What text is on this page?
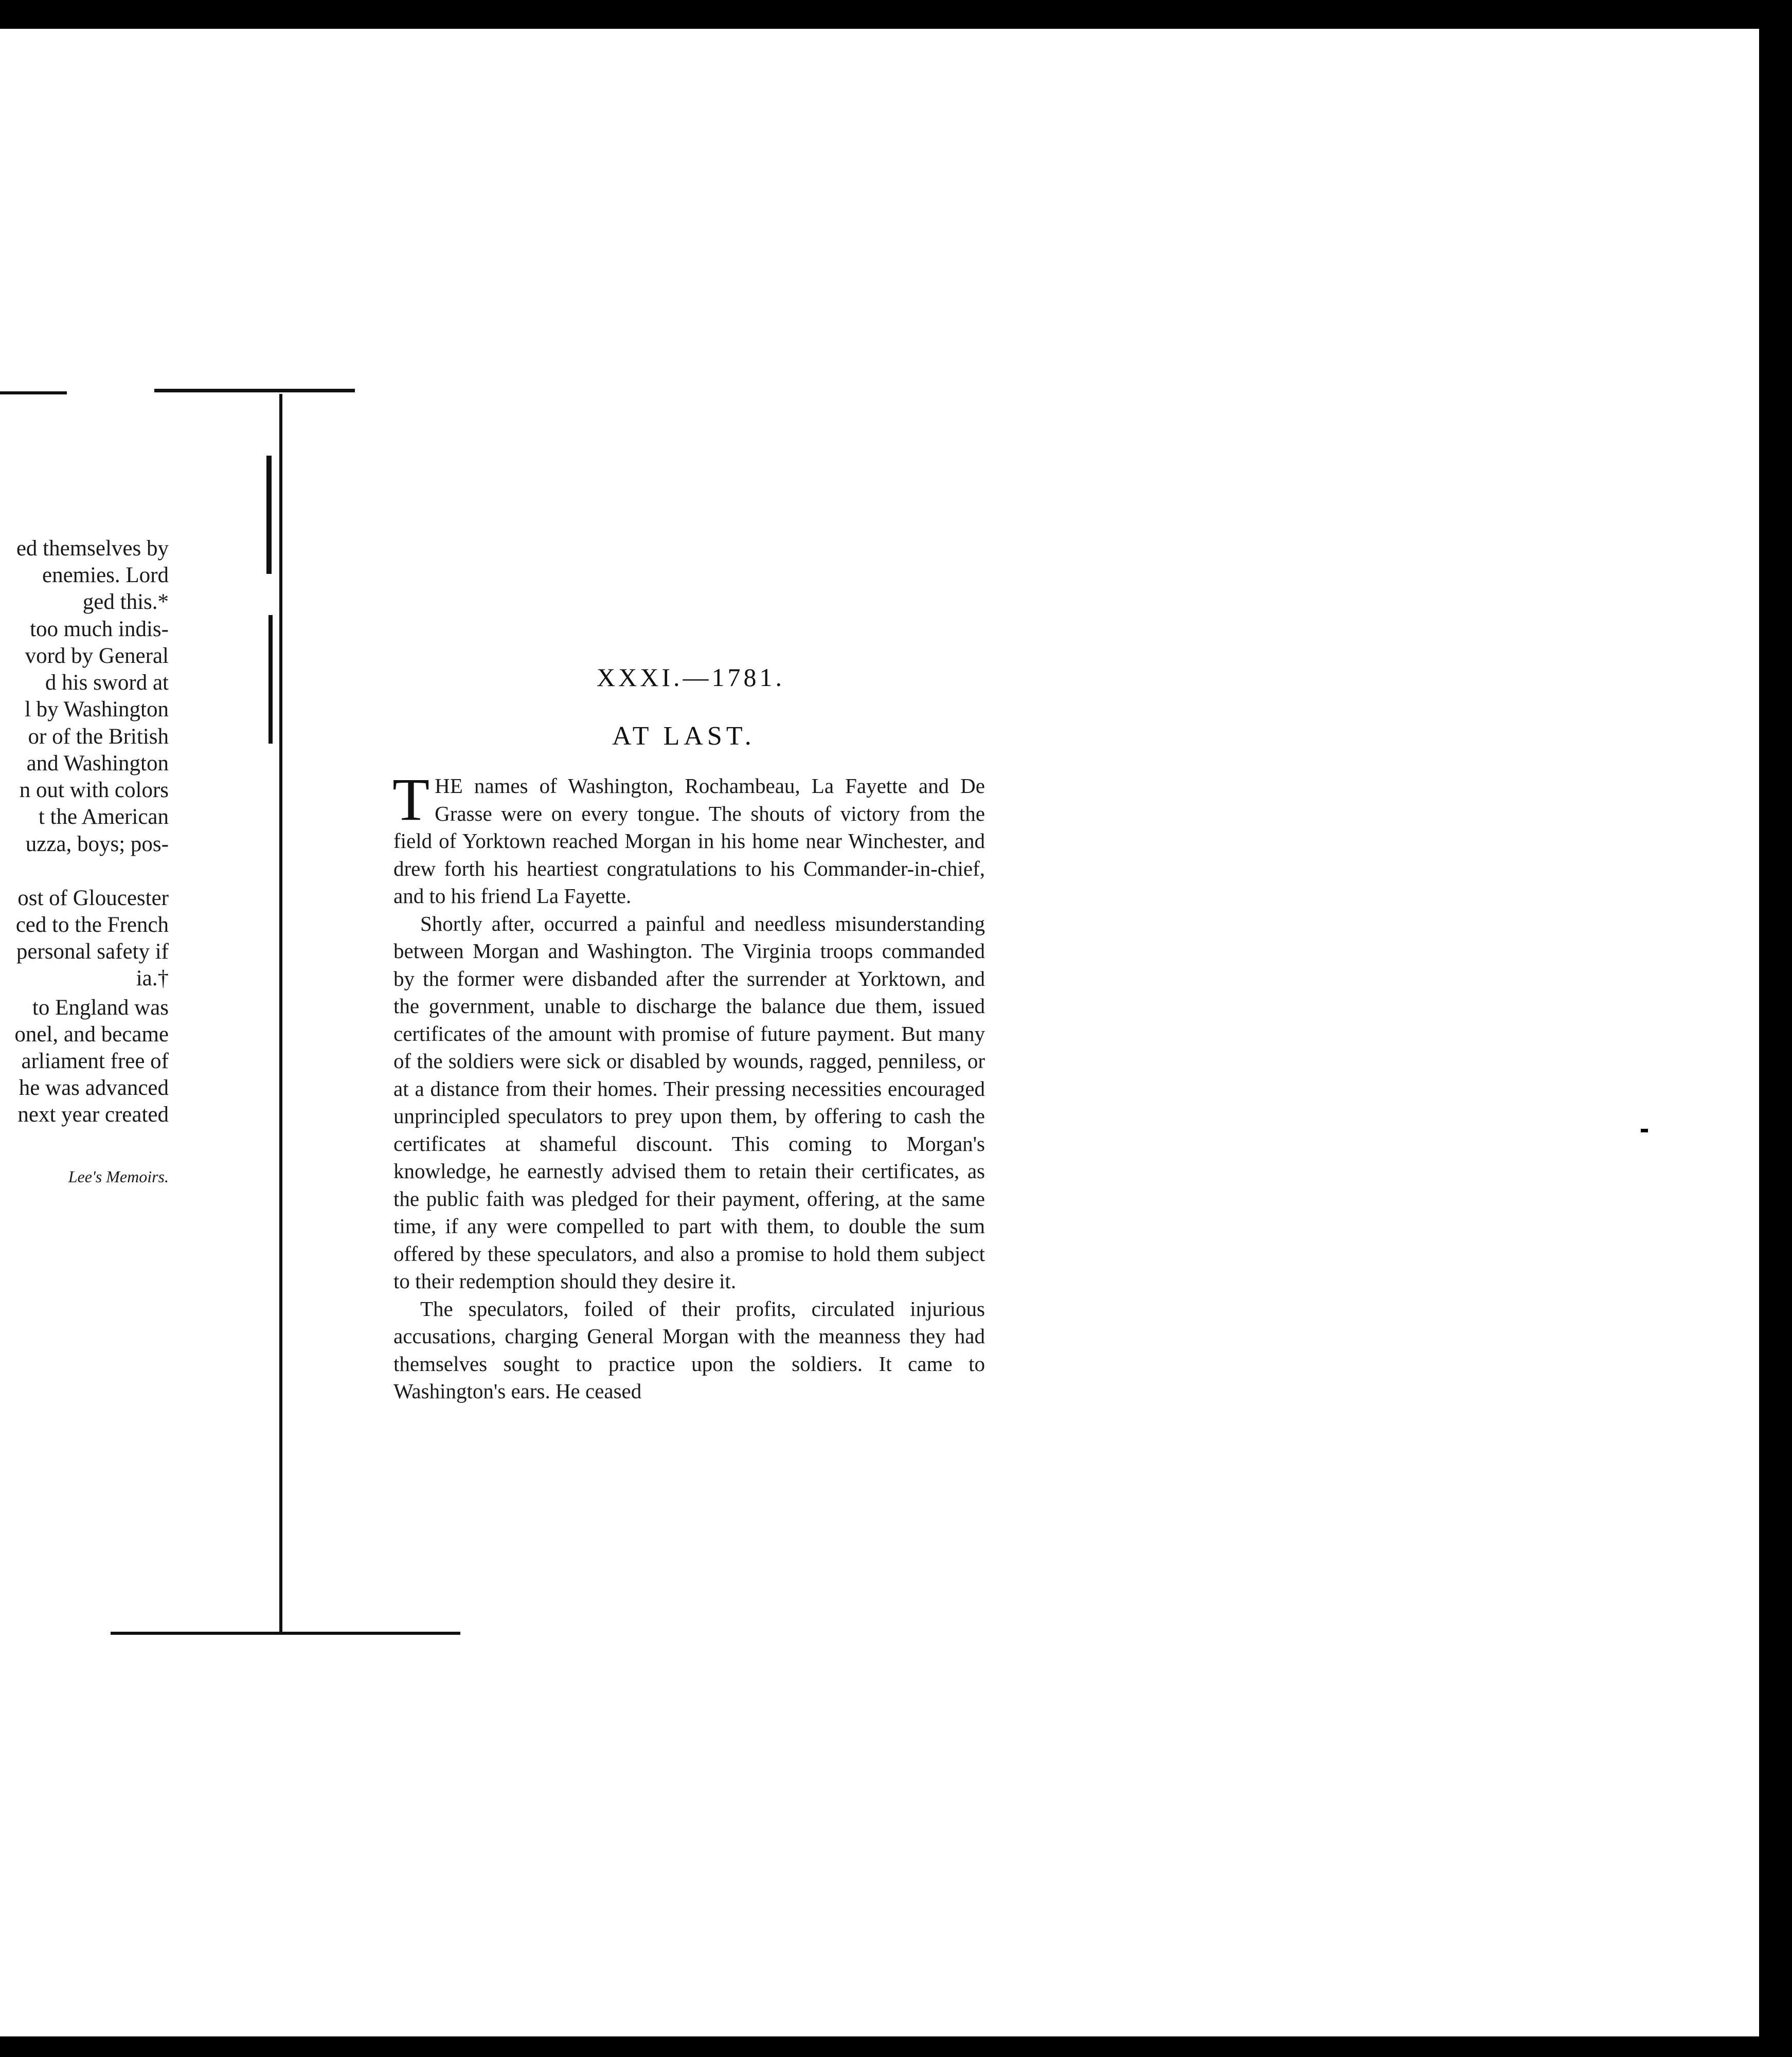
ed themselves by
enemies. Lord
ged this.*
too much indis-
vord by General
d his sword at
l by Washington
or of the British
and Washington
n out with colors
t the American
uzza, boys; pos-
ost of Gloucester
ced to the French
personal safety if
ia.†
to England was
onel, and became
arliament free of
he was advanced
next year created
Lee's Memoirs.
XXXI.—1781.
AT LAST.

THE names of Washington, Rochambeau, La Fayette and De Grasse were on every tongue. The shouts of victory from the field of Yorktown reached Morgan in his home near Winchester, and drew forth his heartiest congratulations to his Commander-in-chief, and to his friend La Fayette.

Shortly after, occurred a painful and needless misunderstanding between Morgan and Washington. The Virginia troops commanded by the former were disbanded after the surrender at Yorktown, and the government, unable to discharge the balance due them, issued certificates of the amount with promise of future payment. But many of the soldiers were sick or disabled by wounds, ragged, penniless, or at a distance from their homes. Their pressing necessities encouraged unprincipled speculators to prey upon them, by offering to cash the certificates at shameful discount. This coming to Morgan's knowledge, he earnestly advised them to retain their certificates, as the public faith was pledged for their payment, offering, at the same time, if any were compelled to part with them, to double the sum offered by these speculators, and also a promise to hold them subject to their redemption should they desire it.

The speculators, foiled of their profits, circulated injurious accusations, charging General Morgan with the meanness they had themselves sought to practice upon the soldiers. It came to Washington's ears. He ceased
